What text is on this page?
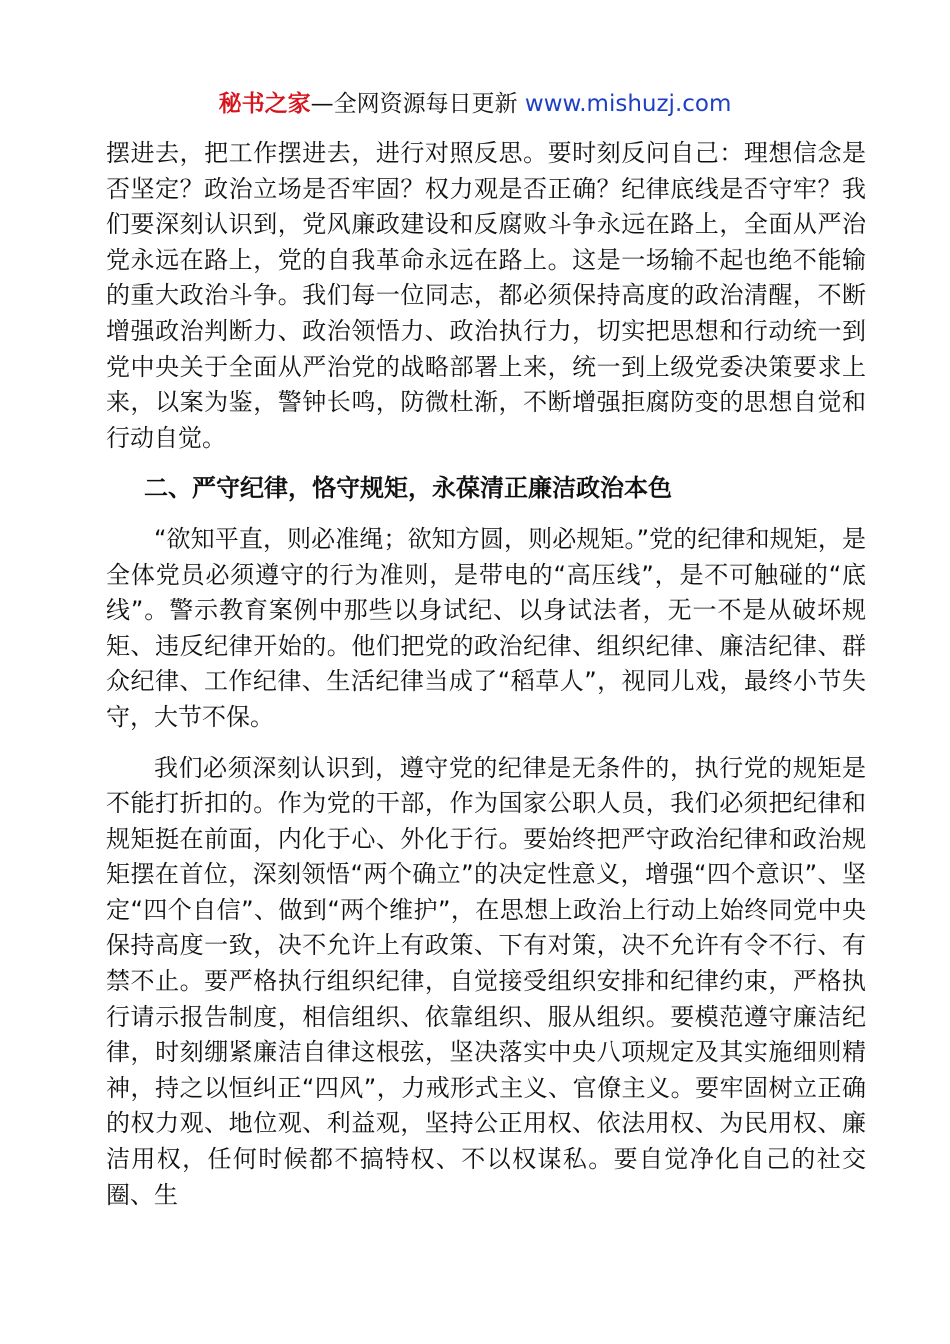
秘书之家—全网资源每日更新 www.mishuzj.com

摆进去，把工作摆进去，进行对照反思。要时刻反问自己：理想信念是否坚定？政治立场是否牢固？权力观是否正确？纪律底线是否守牢？我们要深刻认识到，党风廉政建设和反腐败斗争永远在路上，全面从严治党永远在路上，党的自我革命永远在路上。这是一场输不起也绝不能输的重大政治斗争。我们每一位同志，都必须保持高度的政治清醒，不断增强政治判断力、政治领悟力、政治执行力，切实把思想和行动统一到党中央关于全面从严治党的战略部署上来，统一到上级党委决策要求上来，以案为鉴，警钟长鸣，防微杜渐，不断增强拒腐防变的思想自觉和行动自觉。

二、严守纪律，恪守规矩，永葆清正廉洁政治本色

“欲知平直，则必准绳；欲知方圆，则必规矩。”党的纪律和规矩，是全体党员必须遵守的行为准则，是带电的“高压线”，是不可触碰的“底线”。警示教育案例中那些以身试纪、以身试法者，无一不是从破坏规矩、违反纪律开始的。他们把党的政治纪律、组织纪律、廉洁纪律、群众纪律、工作纪律、生活纪律当成了“稻草人”，视同儿戏，最终小节失守，大节不保。

我们必须深刻认识到，遵守党的纪律是无条件的，执行党的规矩是不能打折扣的。作为党的干部，作为国家公职人员，我们必须把纪律和规矩挺在前面，内化于心、外化于行。要始终把严守政治纪律和政治规矩摆在首位，深刻领悟“两个确立”的决定性意义，增强“四个意识”、坚定“四个自信”、做到“两个维护”，在思想上政治上行动上始终同党中央保持高度一致，决不允许上有政策、下有对策，决不允许有令不行、有禁不止。要严格执行组织纪律，自觉接受组织安排和纪律约束，严格执行请示报告制度，相信组织、依靠组织、服从组织。要模范遵守廉洁纪律，时刻绷紧廉洁自律这根弦，坚决落实中央八项规定及其实施细则精神，持之以恒纠正“四风”，力戒形式主义、官僚主义。要牢固树立正确的权力观、地位观、利益观，坚持公正用权、依法用权、为民用权、廉洁用权，任何时候都不搞特权、不以权谋私。要自觉净化自己的社交圈、生
